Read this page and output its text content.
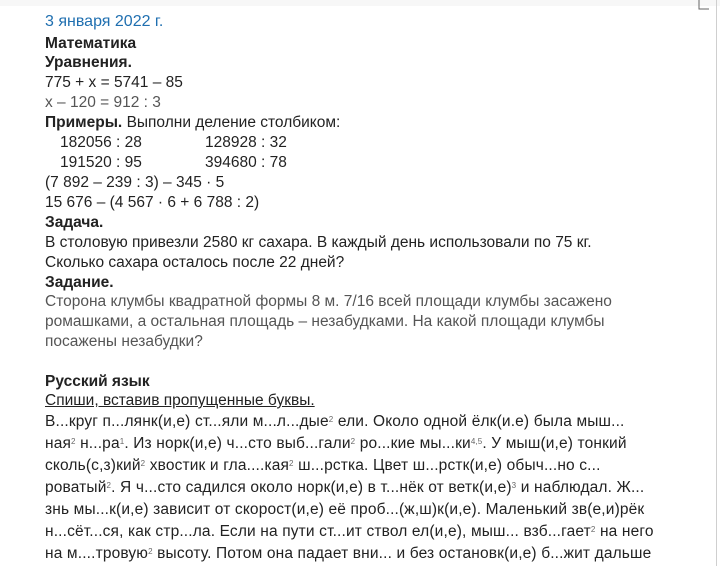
3 января 2022 г.
Математика
Уравнения.
775 + x = 5741 – 85
x – 120 = 912 : 3
Примеры. Выполни деление столбиком:
182056 : 28	128928 : 32
191520 : 95	394680 : 78
(7 892 – 239 : 3) – 345 · 5
15 676 – (4 567 · 6 + 6 788 : 2)
Задача.
В столовую привезли 2580 кг сахара. В каждый день использовали по 75 кг.
Сколько сахара осталось после 22 дней?
Задание.
Сторона клумбы квадратной формы 8 м. 7/16 всей площади клумбы засажено
ромашками, а остальная площадь – незабудками. На какой площади клумбы
посажены незабудки?
Русский язык
Спиши, вставив пропущенные буквы.
В...круг п...лянк(и,е) ст...яли м...л...дые$^2$ ели. Около одной ёлк(и.е) была мыш...
ная$^2$ $н...ра^1$. Из норк(и,е) ч...сто выб...гали$^2$ ро...кие мы...ки$^{4,5}$. У мыш(и,е) тонкий
сколь(с,з)кий$^2$ хвостик и гла....кая$^2$ ш...рстка. Цвет ш...рстк(и,е) обыч...но с...
роватый$^2$. Я ч...сто садился около норк(и,е) в т...нёк от $ветк(и,е)^3$ и наблюдал. Ж...
знь мы...к(и,е) зависит от скорост(и,е) её проб...(ж,ш)к(и,е). Маленький зв(е,и)рёк
н...сёт...ся, как стр...ла. Если на пути ст...ит ствол ел(и,е), мыш... взб...гает$^2$ на него
на м....тровую$^2$ высоту. Потом она падает вни... и без остановк(и,е) б...жит дальше
